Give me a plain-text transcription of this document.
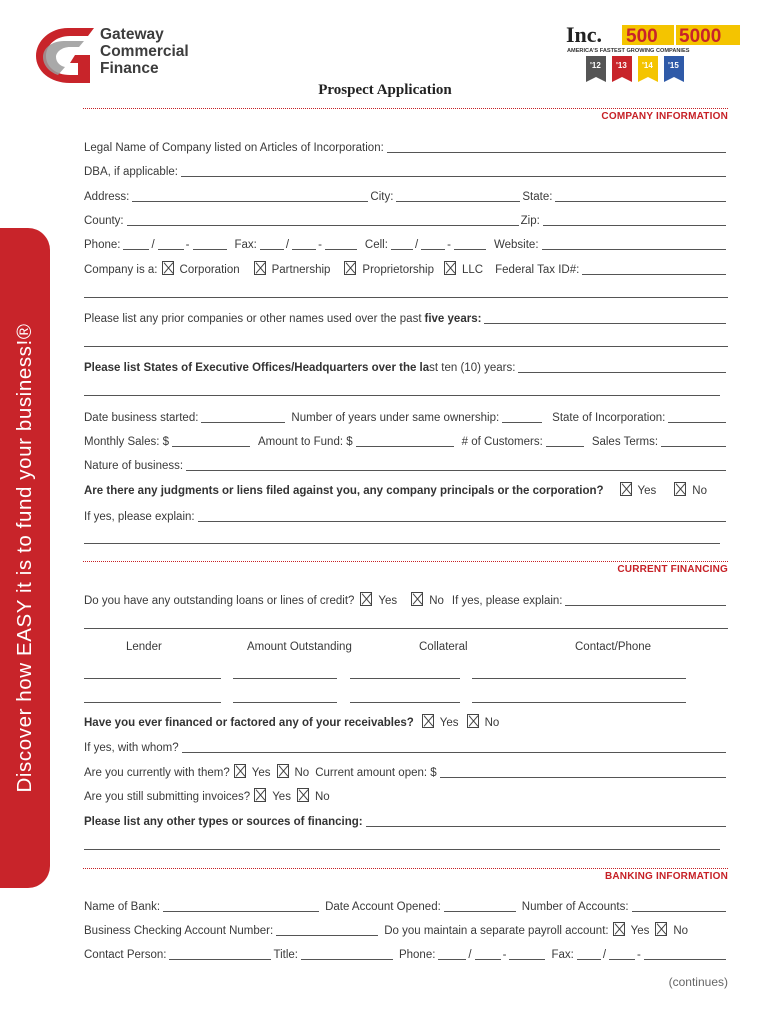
Gateway
Commercial
Finance
Inc. 500 5000
AMERICA'S FASTEST GROWING COMPANIES
'12 '13 '14 '15
Prospect Application
Discover how EASY it is to fund your business!®
COMPANY INFORMATION
Legal Name of Company listed on Articles of Incorporation:
DBA, if applicable:
Address:	City:	State:
County:	Zip:
Phone:	/	-	Fax:	/	-	Cell: /	-	Website:
Company is a: Corporation	Partnership	Proprietorship LLC Federal Tax ID#:
Please list any prior companies or other names used over the past five years:
Please list States of Executive Offices/Headquarters over the la st ten (10) years:
Date business started:	Number of years under same ownership:	State of Incorporation:
Monthly Sales: $	Amount to Fund: $	# of Customers:	Sales Terms:
Nature of business:
Are there any judgments or liens filed against you, any company principals or the corporation?	Yes	No
If yes, please explain:
CURRENT FINANCING
Do you have any outstanding loans or lines of credit? Yes	No If yes, please explain:
Lender	Amount Outstanding	Collateral	Contact/Phone
Have you ever financed or factored any of your receivables? Yes No
If yes, with whom?
Are you currently with them? Yes No Current amount open: $
Are you still submitting invoices? Yes No
Please list any other types or sources of financing:
BANKING INFORMATION
Name of Bank:	Date Account Opened:	Number of Accounts:
Business Checking Account Number:	Do you maintain a separate payroll account: Yes No
Contact Person:	Title:	Phone:	/	-	Fax:	/	-
(continues)
